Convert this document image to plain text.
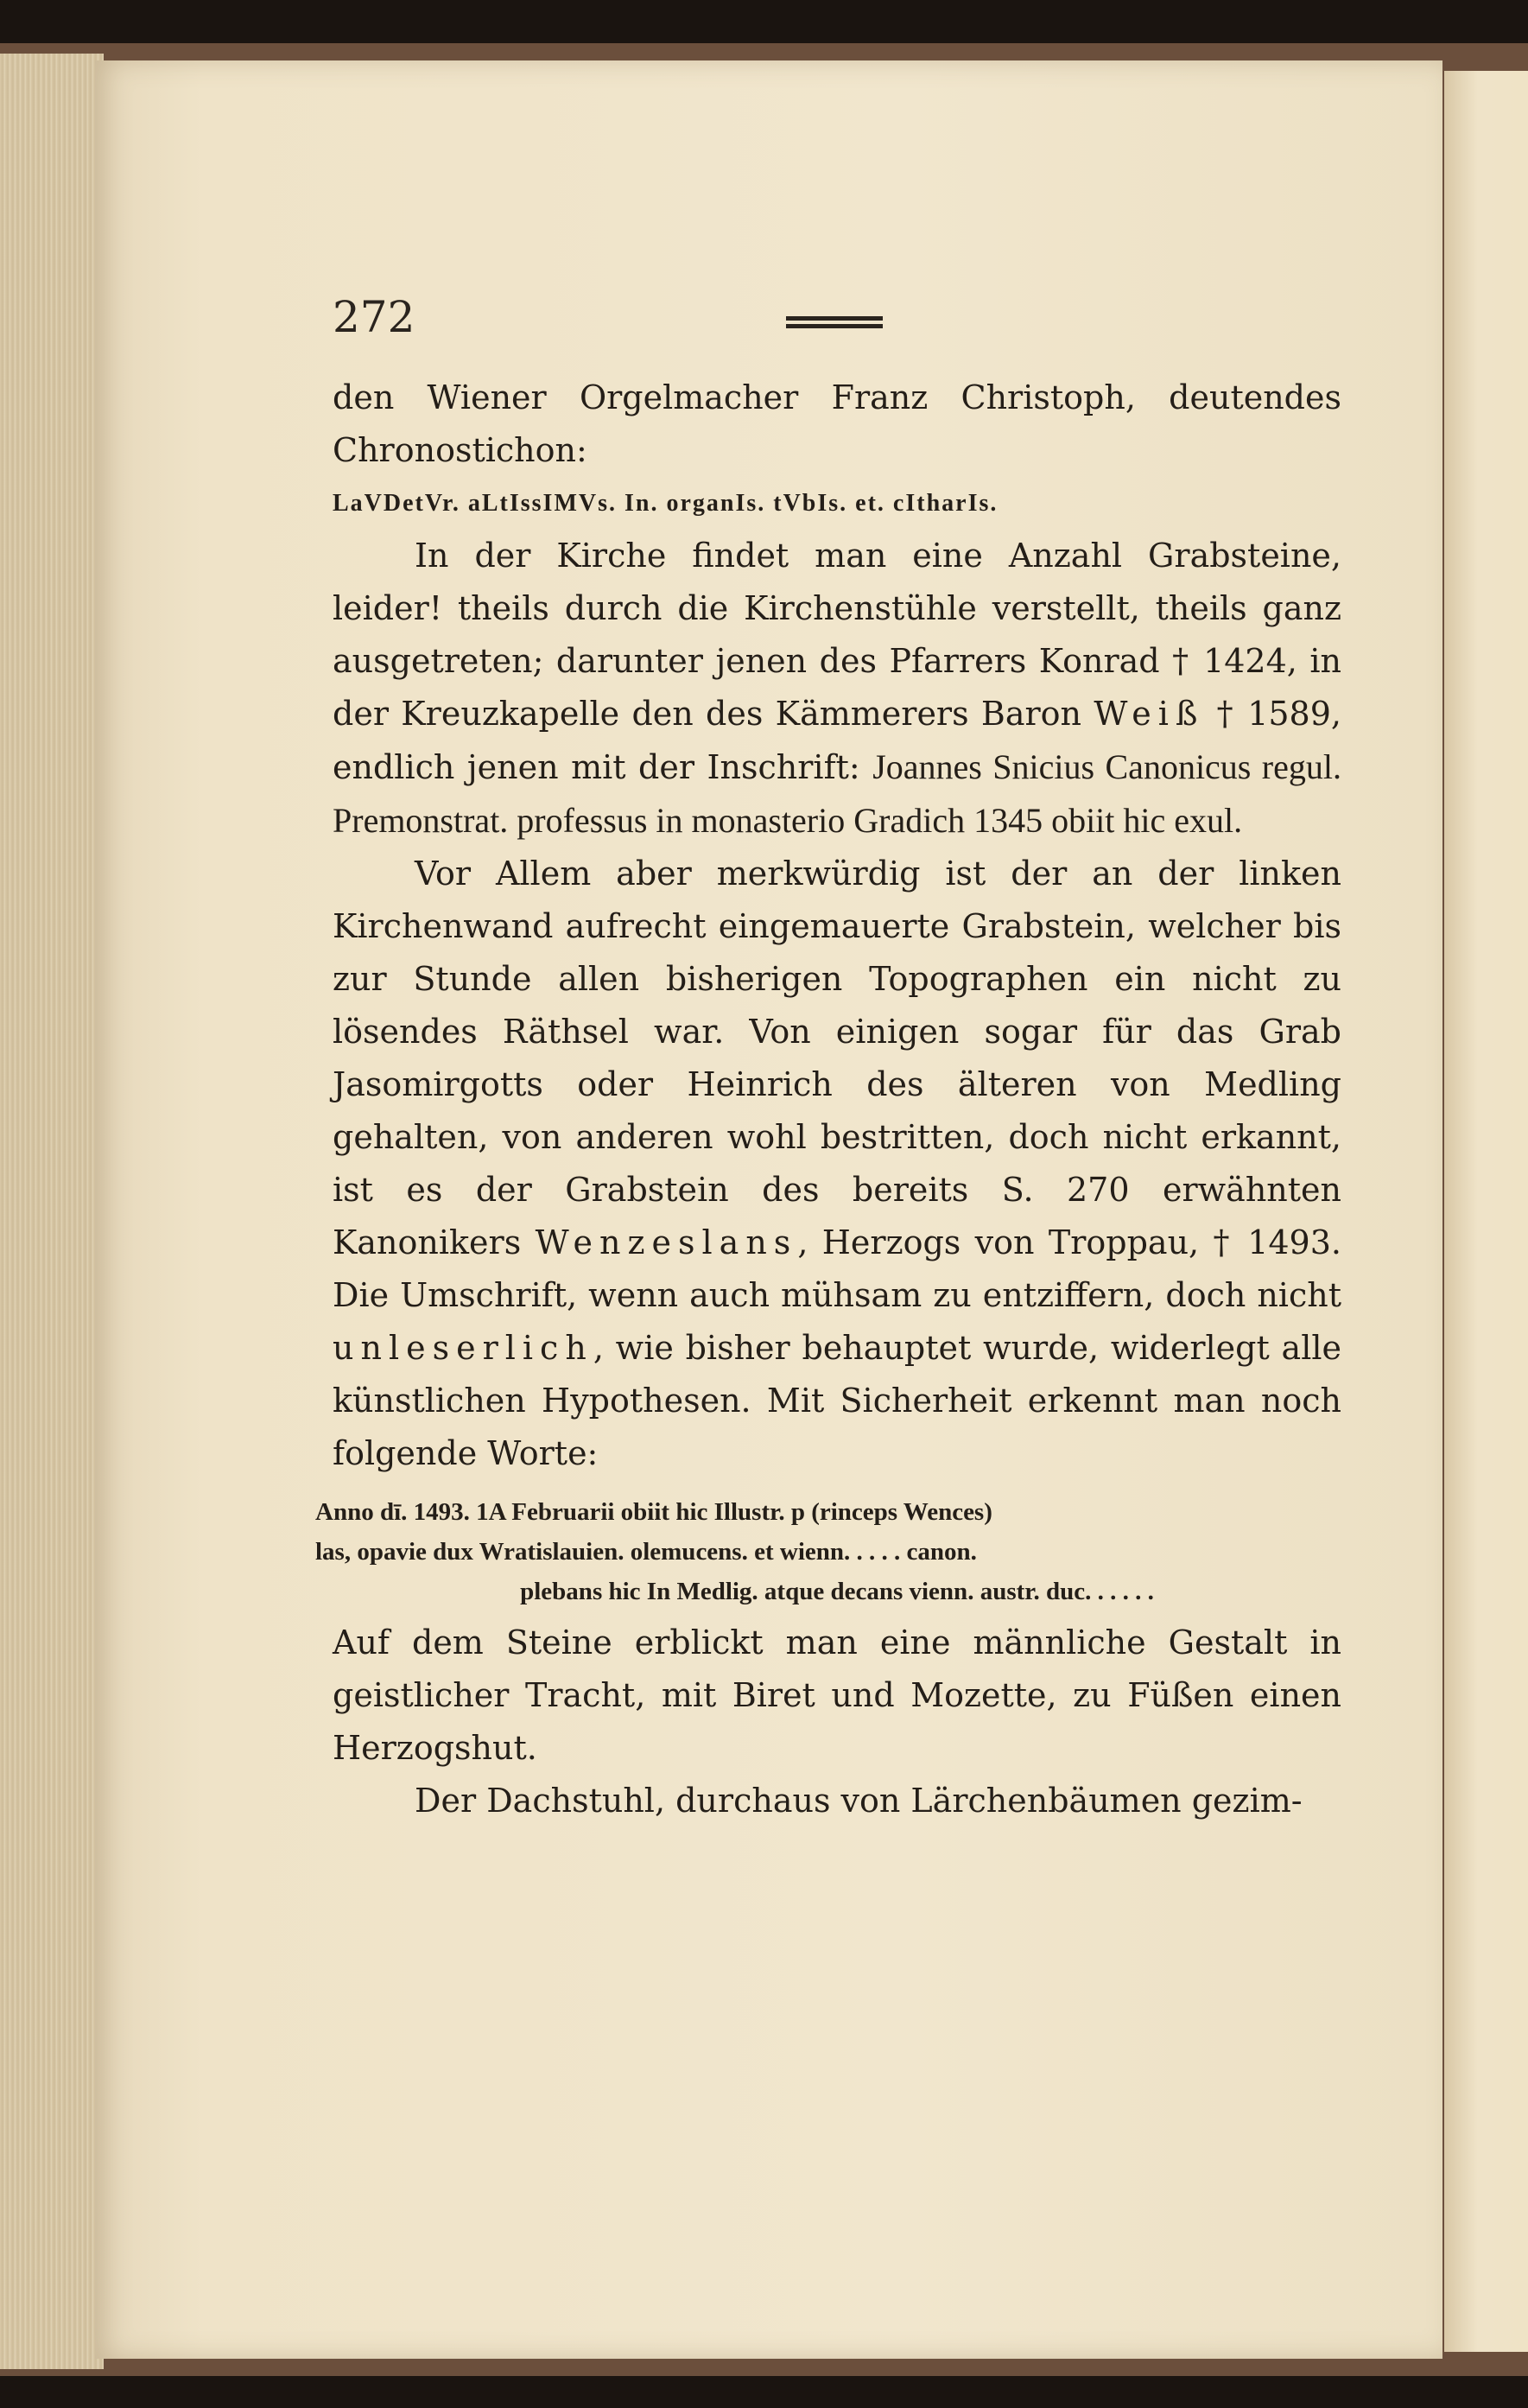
272

den Wiener Orgelmacher Franz Christoph, deutendes Chronostichon:

LaVDetVr. aLtIssIMVs. In. organIs. tVbIs. et. cItharIs.

In der Kirche findet man eine Anzahl Grabsteine, leider! theils durch die Kirchenstühle verstellt, theils ganz ausgetreten; darunter jenen des Pfarrers Konrad † 1424, in der Kreuzkapelle den des Kämmerers Baron Weiß † 1589, endlich jenen mit der Inschrift: Joannes Snicius Canonicus regul. Premonstrat. professus in monasterio Gradich 1345 obiit hic exul.

Vor Allem aber merkwürdig ist der an der linken Kirchenwand aufrecht eingemauerte Grabstein, welcher bis zur Stunde allen bisherigen Topographen ein nicht zu lösendes Räthsel war. Von einigen sogar für das Grab Jasomirgotts oder Heinrich des älteren von Medling gehalten, von anderen wohl bestritten, doch nicht erkannt, ist es der Grabstein des bereits S. 270 erwähnten Kanonikers Wenzeslans, Herzogs von Troppau, † 1493. Die Umschrift, wenn auch mühsam zu entziffern, doch nicht unleserlich, wie bisher behauptet wurde, widerlegt alle künstlichen Hypothesen. Mit Sicherheit erkennt man noch folgende Worte:

Anno dī. 1493. 1A Februarii obiit hic Illustr. p (rinceps Wences)
las, opavie dux Wratislauien. olemucens. et wienn. . . . . canon.
plebans hic In Medlig. atque decans vienn. austr. duc. . . . . .

Auf dem Steine erblickt man eine männliche Gestalt in geistlicher Tracht, mit Biret und Mozette, zu Füßen einen Herzogshut.

Der Dachstuhl, durchaus von Lärchenbäumen gezim-
